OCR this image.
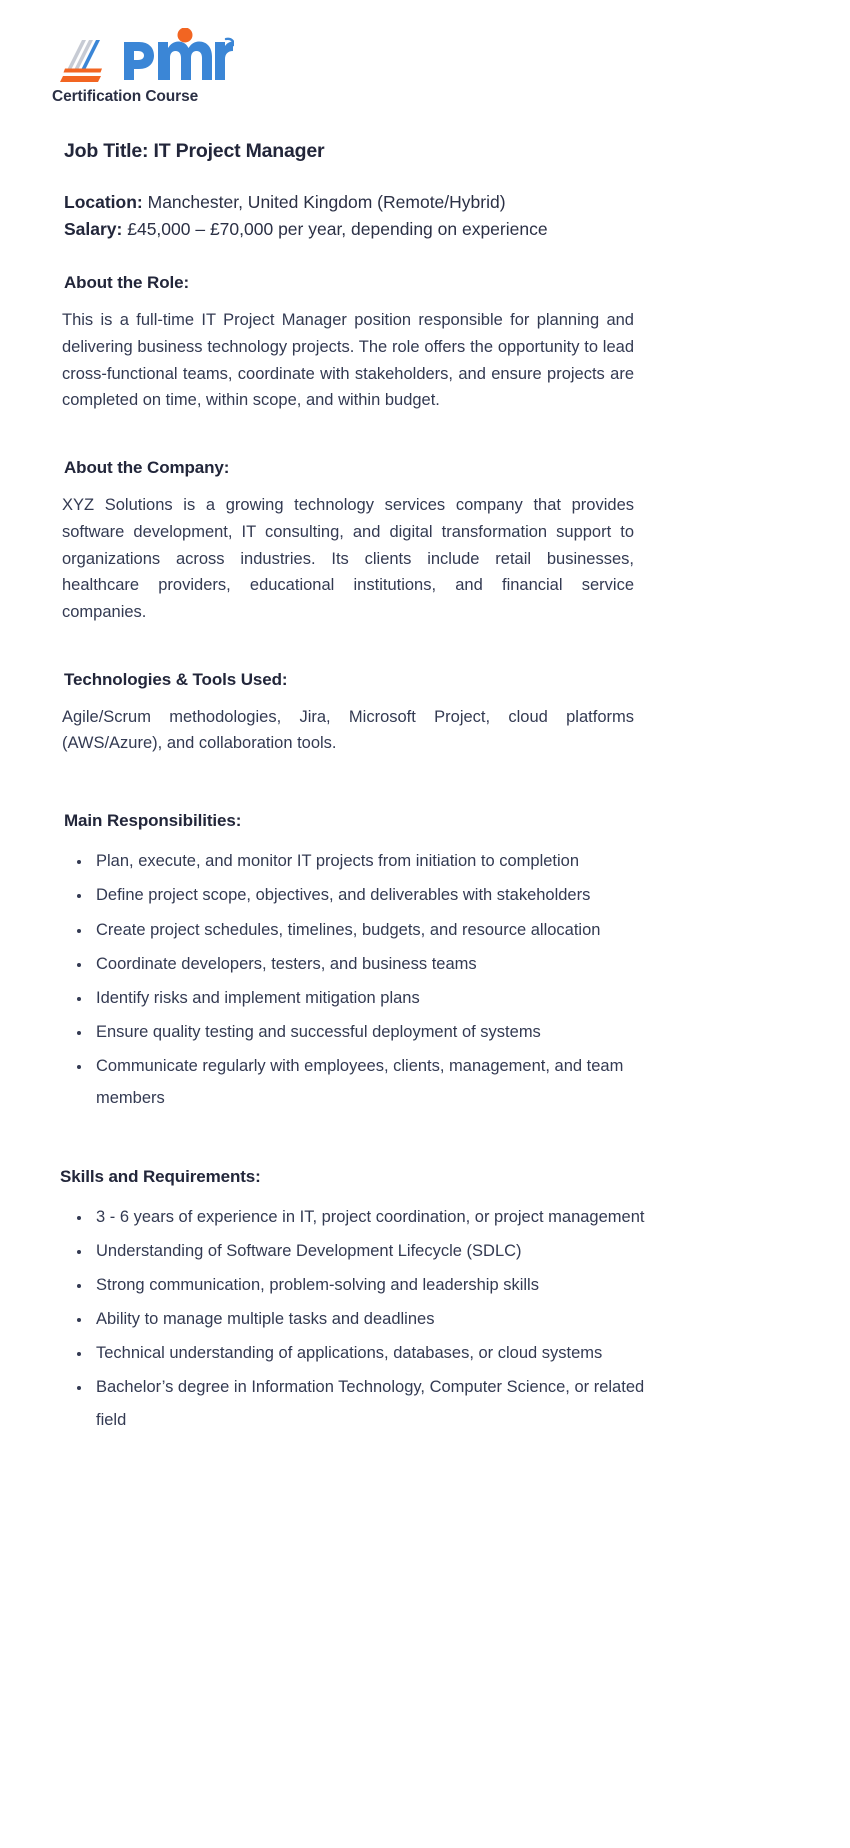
Certification Course
Job Title: IT Project Manager
Location: Manchester, United Kingdom (Remote/Hybrid)
Salary: £45,000 – £70,000 per year, depending on experience
About the Role:

This is a full-time IT Project Manager position responsible for planning and delivering business technology projects. The role offers the opportunity to lead cross-functional teams, coordinate with stakeholders, and ensure projects are completed on time, within scope, and within budget.

About the Company:

XYZ Solutions is a growing technology services company that provides software development, IT consulting, and digital transformation support to organizations across industries. Its clients include retail businesses, healthcare providers, educational institutions, and financial service companies.

Technologies & Tools Used:

Agile/Scrum methodologies, Jira, Microsoft Project, cloud platforms (AWS/Azure), and collaboration tools.

Main Responsibilities:
• Plan, execute, and monitor IT projects from initiation to completion
• Define project scope, objectives, and deliverables with stakeholders
• Create project schedules, timelines, budgets, and resource allocation
• Coordinate developers, testers, and business teams
• Identify risks and implement mitigation plans
• Ensure quality testing and successful deployment of systems
• Communicate regularly with employees, clients, management, and team members
Skills and Requirements:
• 3 - 6 years of experience in IT, project coordination, or project management
• Understanding of Software Development Lifecycle (SDLC)
• Strong communication, problem-solving and leadership skills
• Ability to manage multiple tasks and deadlines
• Technical understanding of applications, databases, or cloud systems
• Bachelor’s degree in Information Technology, Computer Science, or related field
